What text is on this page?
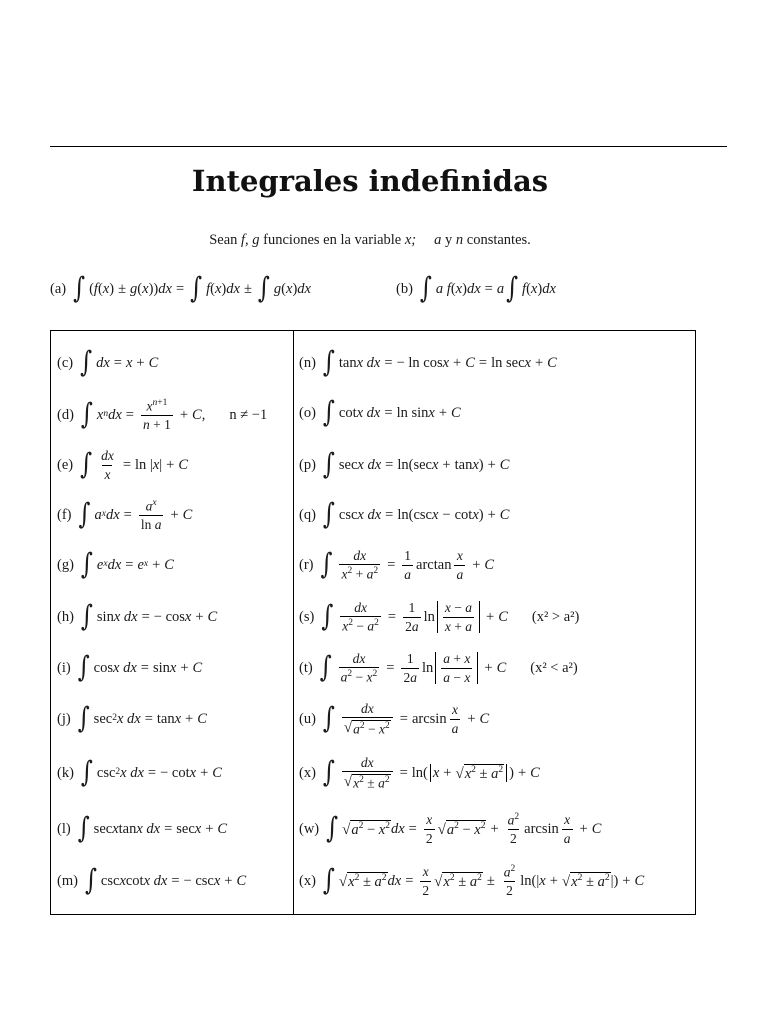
Integrales indefinidas
Sean f, g funciones en la variable x; a y n constantes.
(a) ∫ ( f ( x ) ± g ( x )) dx = ∫ f ( x ) dx ± ∫ g ( x ) dx	(b) ∫ a f ( x ) dx = a ∫ f ( x ) dx
(c) ∫ dx = x + C
(d) ∫ x n dx = $\frac{x^{n+1}}{n + 1} + C$ , n ≠ −1
(e) ∫ $\frac{dx}{x} = \ln$ | x | + C
(f) ∫ a x dx = $\frac{a^x}{\text{ln a}} + C$
(g) ∫ e x dx = e x + C
(h) ∫ sin x dx = − cos x + C
(i) ∫ cos x dx = sin x + C
(j) ∫ sec 2 x dx = tan x + C
(k) ∫ csc 2 x dx = − cot x + C
(l) ∫ sec x tan x dx = sec x + C
(m) ∫ csc x cot x dx = − csc x + C
(n) ∫ tan x dx = − ln cos x + C = ln sec x + C
(o) ∫ cot x dx = ln sin x + C
(p) ∫ sec x dx = ln(sec x + tan x ) + C
(q) ∫ csc x dx = ln(csc x − cot x ) + C
(r) ∫ $\frac{dx}{x^2 + a^2} = \frac{1}{a}$ $\arctan \frac{x}{a} + C$
(s) ∫ $\frac{dx}{x^2 - a^2} = \frac{1}{2a}$ $\ln \frac{x - a}{x + a} + C$ (x² > a²)
(t) ∫ $\frac{dx}{a^2 - x^2} = \frac{1}{2a}$ $\ln \frac{a + x}{a - x} + C$ (x² < a²)
(u) ∫ $\frac{dx}{√ a^2 - x^2} = \arcsin \frac{x}{a} + C$
(x) ∫ $\frac{dx}{√ x^2 \pm a^2} = \ln$( x + √ $x^2 \pm a^2$ ) + C
(w) ∫ √ $a^2 - x^2$ dx = $\frac{x}{2}$ √ $a^2 - x^2 + \frac{a^2}{2}$ $\arcsin \frac{x}{a} + C$
(x) ∫ √ $x^2 \pm a^2$ dx = $\frac{x}{2}$ √ $x^2 \pm a^2 \pm \frac{a^2}{2} \ln(|$ x + √ $x^2 \pm a^2$ |) + C
